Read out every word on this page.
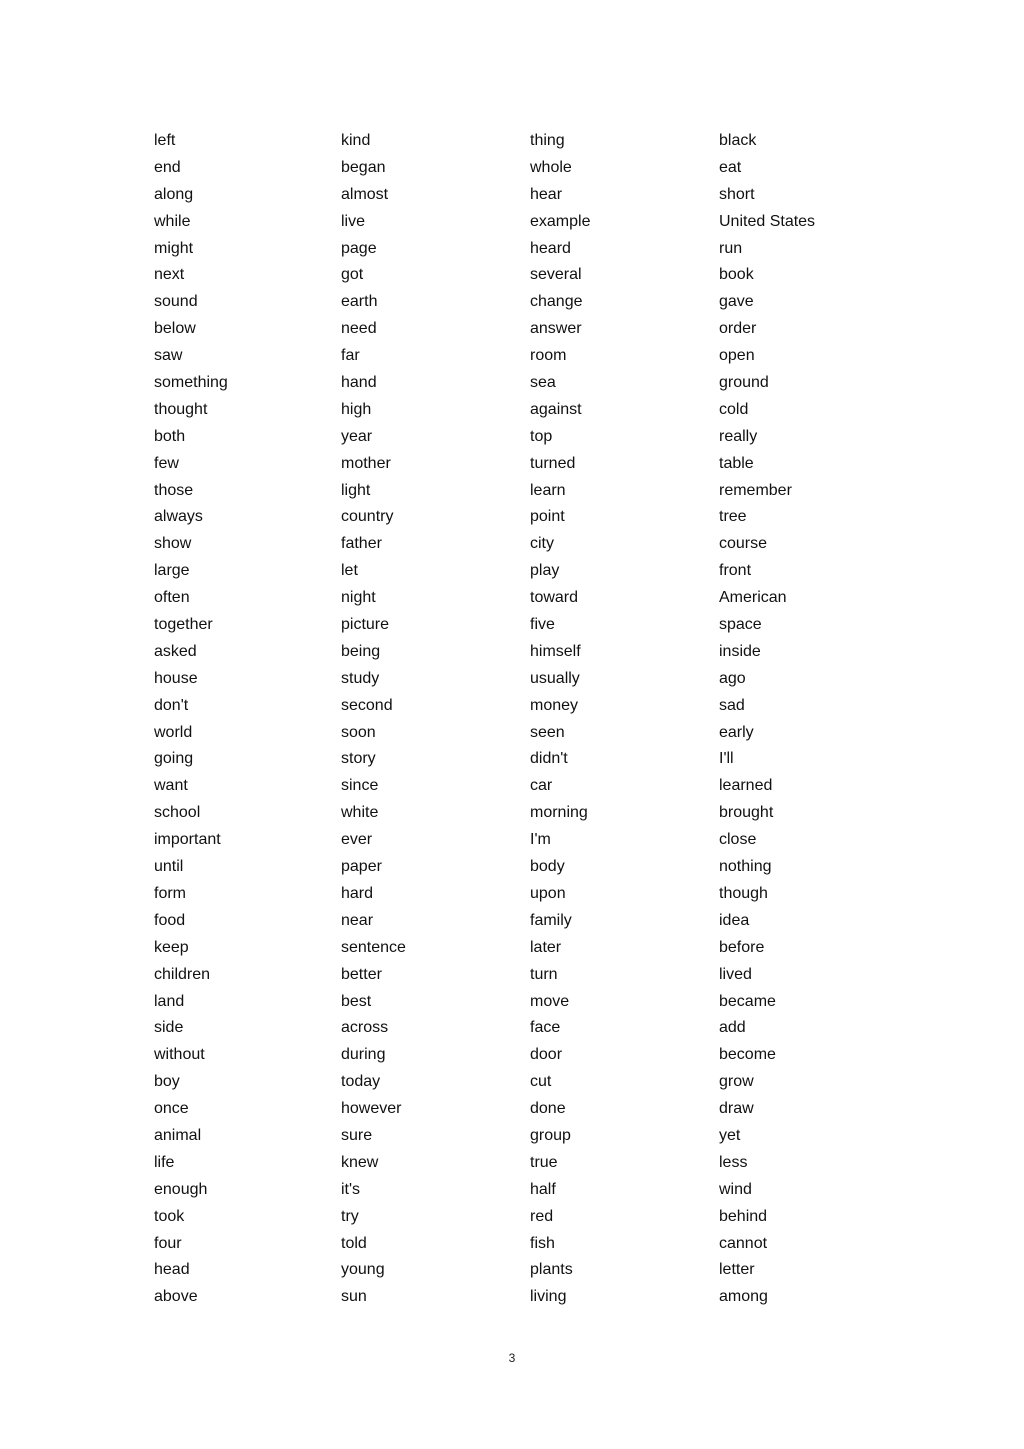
left
end
along
while
might
next
sound
below
saw
something
thought
both
few
those
always
show
large
often
together
asked
house
don't
world
going
want
school
important
until
form
food
keep
children
land
side
without
boy
once
animal
life
enough
took
four
head
above
kind
began
almost
live
page
got
earth
need
far
hand
high
year
mother
light
country
father
let
night
picture
being
study
second
soon
story
since
white
ever
paper
hard
near
sentence
better
best
across
during
today
however
sure
knew
it's
try
told
young
sun
thing
whole
hear
example
heard
several
change
answer
room
sea
against
top
turned
learn
point
city
play
toward
five
himself
usually
money
seen
didn't
car
morning
I'm
body
upon
family
later
turn
move
face
door
cut
done
group
true
half
red
fish
plants
living
black
eat
short
United States
run
book
gave
order
open
ground
cold
really
table
remember
tree
course
front
American
space
inside
ago
sad
early
I'll
learned
brought
close
nothing
though
idea
before
lived
became
add
become
grow
draw
yet
less
wind
behind
cannot
letter
among
3
